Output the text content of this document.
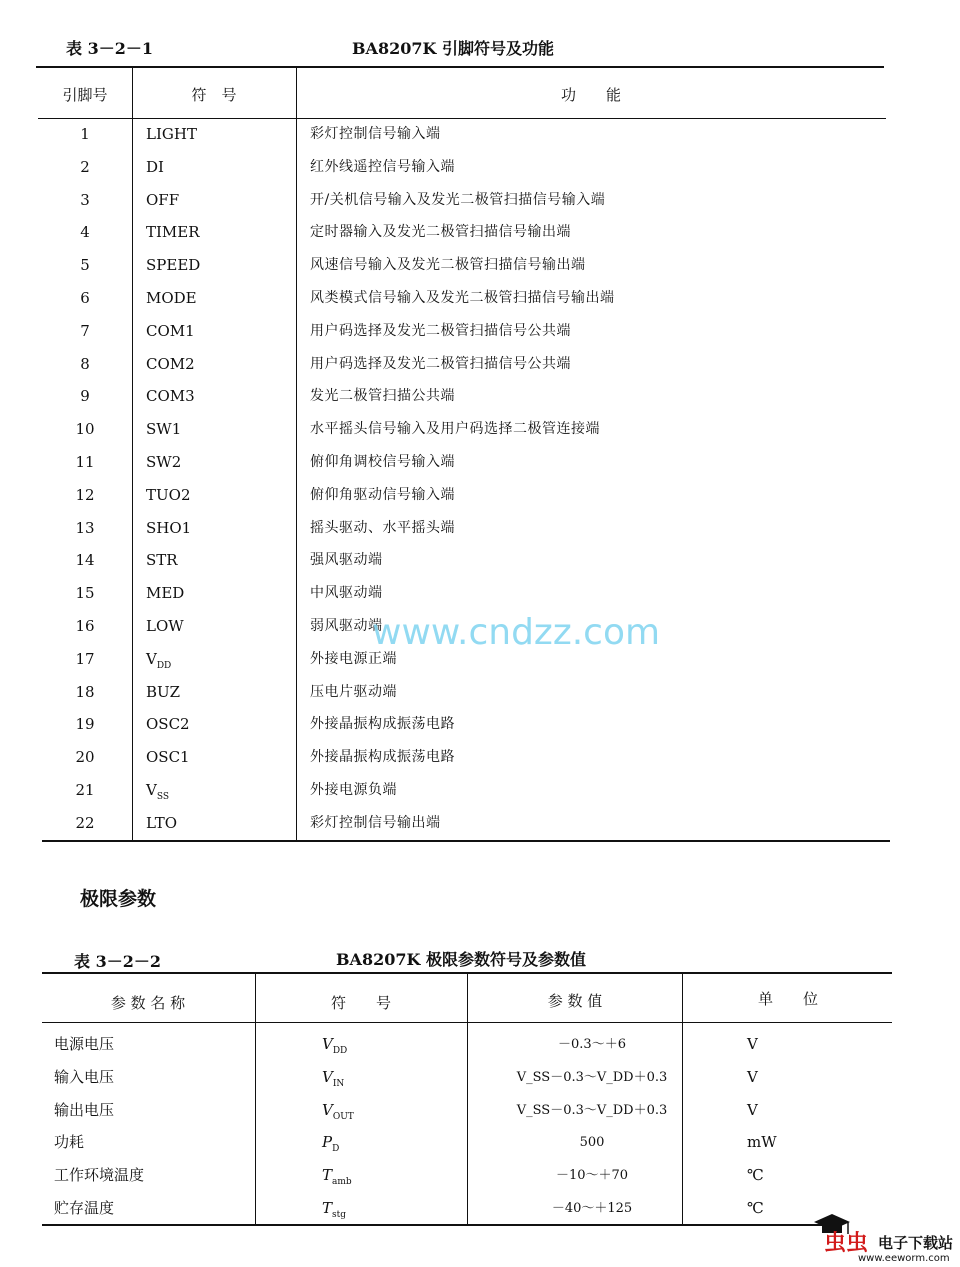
表 3－2－1	BA8207K 引脚符号及功能
引脚号	符　号	功　　能
1	LIGHT	彩灯控制信号输入端
2	DI	红外线遥控信号输入端
3	OFF	开/关机信号输入及发光二极管扫描信号输入端
4	TIMER	定时器输入及发光二极管扫描信号输出端
5	SPEED	风速信号输入及发光二极管扫描信号输出端
6	MODE	风类模式信号输入及发光二极管扫描信号输出端
7	COM1	用户码选择及发光二极管扫描信号公共端
8	COM2	用户码选择及发光二极管扫描信号公共端
9	COM3	发光二极管扫描公共端
10	SW1	水平摇头信号输入及用户码选择二极管连接端
11	SW2	俯仰角调校信号输入端
12	TUO2	俯仰角驱动信号输入端
13	SHO1	摇头驱动、水平摇头端
14	STR	强风驱动端
15	MED	中风驱动端
16	LOW	弱风驱动端
17	$V_{DD}$	外接电源正端
18	BUZ	压电片驱动端
19	OSC2	外接晶振构成振荡电路
20	OSC1	外接晶振构成振荡电路
21	$V_{SS}$	外接电源负端
22	LTO	彩灯控制信号输出端
极限参数
表 3－2－2	BA8207K 极限参数符号及参数值
参 数 名 称	符　　号	参 数 值	单　　位
电源电压	$V_{DD}$	－0.3～＋6	V
输入电压	$V_{IN}$	V_SS－0.3～V_DD＋0.3	V
输出电压	$V_{OUT}$	V_SS－0.3～V_DD＋0.3	V
功耗	$P_D$	500	mW
工作环境温度	$T_{amb}$	－10～＋70	℃
贮存温度	$T_{stg}$	－40～＋125	℃
www.cndzz.com
虫虫 电子下载站
www.eeworm.com
